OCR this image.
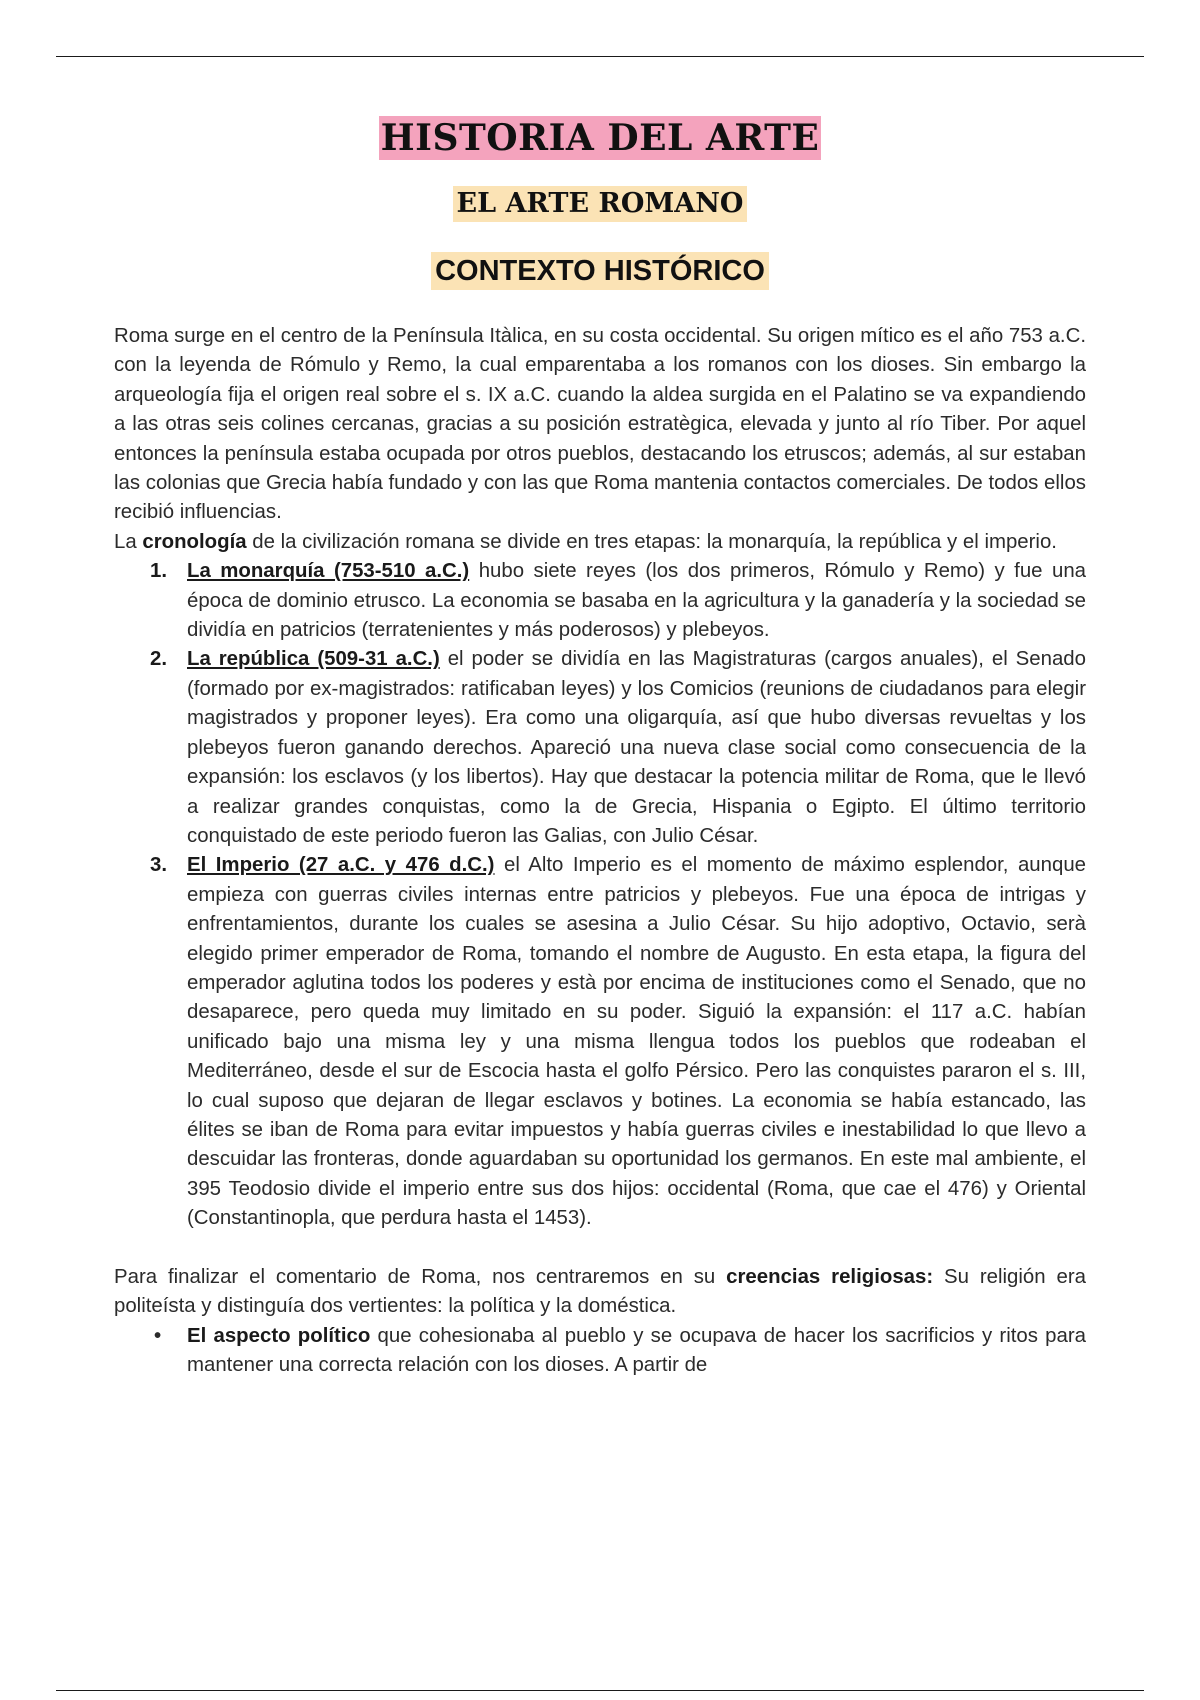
HISTORIA DEL ARTE
EL ARTE ROMANO
CONTEXTO HISTÓRICO

Roma surge en el centro de la Península Itàlica, en su costa occidental. Su origen mítico es el año 753 a.C. con la leyenda de Rómulo y Remo, la cual emparentaba a los romanos con los dioses. Sin embargo la arqueología fija el origen real sobre el s. IX a.C. cuando la aldea surgida en el Palatino se va expandiendo a las otras seis colines cercanas, gracias a su posición estratègica, elevada y junto al río Tiber. Por aquel entonces la península estaba ocupada por otros pueblos, destacando los etruscos; además, al sur estaban las colonias que Grecia había fundado y con las que Roma mantenia contactos comerciales. De todos ellos recibió influencias.

La cronología de la civilización romana se divide en tres etapas: la monarquía, la república y el imperio.

1. La monarquía (753-510 a.C.) hubo siete reyes (los dos primeros, Rómulo y Remo) y fue una época de dominio etrusco. La economia se basaba en la agricultura y la ganadería y la sociedad se dividía en patricios (terratenientes y más poderosos) y plebeyos.
2. La república (509-31 a.C.) el poder se dividía en las Magistraturas (cargos anuales), el Senado (formado por ex-magistrados: ratificaban leyes) y los Comicios (reunions de ciudadanos para elegir magistrados y proponer leyes). Era como una oligarquía, así que hubo diversas revueltas y los plebeyos fueron ganando derechos. Apareció una nueva clase social como consecuencia de la expansión: los esclavos (y los libertos). Hay que destacar la potencia militar de Roma, que le llevó a realizar grandes conquistas, como la de Grecia, Hispania o Egipto. El último territorio conquistado de este periodo fueron las Galias, con Julio César.
3. El Imperio (27 a.C. y 476 d.C.) el Alto Imperio es el momento de máximo esplendor, aunque empieza con guerras civiles internas entre patricios y plebeyos. Fue una época de intrigas y enfrentamientos, durante los cuales se asesina a Julio César. Su hijo adoptivo, Octavio, serà elegido primer emperador de Roma, tomando el nombre de Augusto. En esta etapa, la figura del emperador aglutina todos los poderes y està por encima de instituciones como el Senado, que no desaparece, pero queda muy limitado en su poder. Siguió la expansión: el 117 a.C. habían unificado bajo una misma ley y una misma llengua todos los pueblos que rodeaban el Mediterráneo, desde el sur de Escocia hasta el golfo Pérsico. Pero las conquistes pararon el s. III, lo cual suposo que dejaran de llegar esclavos y botines. La economia se había estancado, las élites se iban de Roma para evitar impuestos y había guerras civiles e inestabilidad lo que llevo a descuidar las fronteras, donde aguardaban su oportunidad los germanos. En este mal ambiente, el 395 Teodosio divide el imperio entre sus dos hijos: occidental (Roma, que cae el 476) y Oriental (Constantinopla, que perdura hasta el 1453).

Para finalizar el comentario de Roma, nos centraremos en su creencias religiosas: Su religión era politeísta y distinguía dos vertientes: la política y la doméstica.

• El aspecto político que cohesionaba al pueblo y se ocupava de hacer los sacrificios y ritos para mantener una correcta relación con los dioses. A partir de
